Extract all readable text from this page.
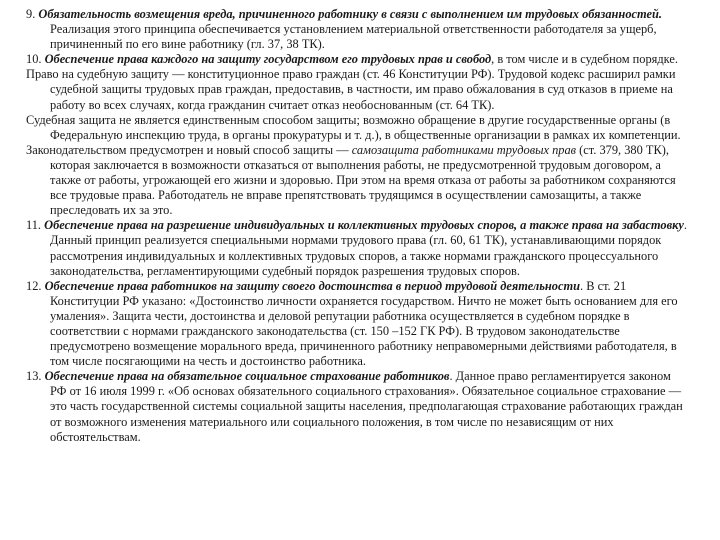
9. Обязательность возмещения вреда, причиненного работнику в связи с выполнением им трудовых обязанностей. Реализация этого принципа обеспечивается установлением материальной ответственности работодателя за ущерб, причиненный по его вине работнику (гл. 37, 38 ТК).

10. Обеспечение права каждого на защиту государством его трудовых прав и свобод, в том числе и в судебном порядке.

Право на судебную защиту — конституционное право граждан (ст. 46 Конституции РФ). Трудовой кодекс расширил рамки судебной защиты трудовых прав граждан, предоставив, в частности, им право обжалования в суд отказов в приеме на работу во всех случаях, когда гражданин считает отказ необоснованным (ст. 64 ТК).

Судебная защита не является единственным способом защиты; возможно обращение в другие государственные органы (в Федеральную инспекцию труда, в органы прокуратуры и т. д.), в общественные организации в рамках их компетенции.

Законодательством предусмотрен и новый способ защиты — самозащита работниками трудовых прав (ст. 379, 380 ТК), которая заключается в возможности отказаться от выполнения работы, не предусмотренной трудовым договором, а также от работы, угрожающей его жизни и здоровью. При этом на время отказа от работы за работником сохраняются все трудовые права. Работодатель не вправе препятствовать трудящимся в осуществлении самозащиты, а также преследовать их за это.

11. Обеспечение права на разрешение индивидуальных и коллективных трудовых споров, а также права на забастовку. Данный принцип реализуется специальными нормами трудового права (гл. 60, 61 ТК), устанавливающими порядок рассмотрения индивидуальных и коллективных трудовых споров, а также нормами гражданского процессуального законодательства, регламентирующими судебный порядок разрешения трудовых споров.

12. Обеспечение права работников на защиту своего достоинства в период трудовой деятельности. В ст. 21 Конституции РФ указано: «Достоинство личности охраняется государством. Ничто не может быть основанием для его умаления». Защита чести, достоинства и деловой репутации работника осуществляется в судебном порядке в соответствии с нормами гражданского законодательства (ст. 150 –152 ГК РФ). В трудовом законодательстве предусмотрено возмещение морального вреда, причиненного работнику неправомерными действиями работодателя, в том числе посягающими на честь и достоинство работника.

13. Обеспечение права на обязательное социальное страхование работников. Данное право регламентируется законом РФ от 16 июля 1999 г. «Об основах обязательного социального страхования». Обязательное социальное страхование — это часть государственной системы социальной защиты населения, предполагающая страхование работающих граждан от возможного изменения материального или социального положения, в том числе по независящим от них обстоятельствам.
